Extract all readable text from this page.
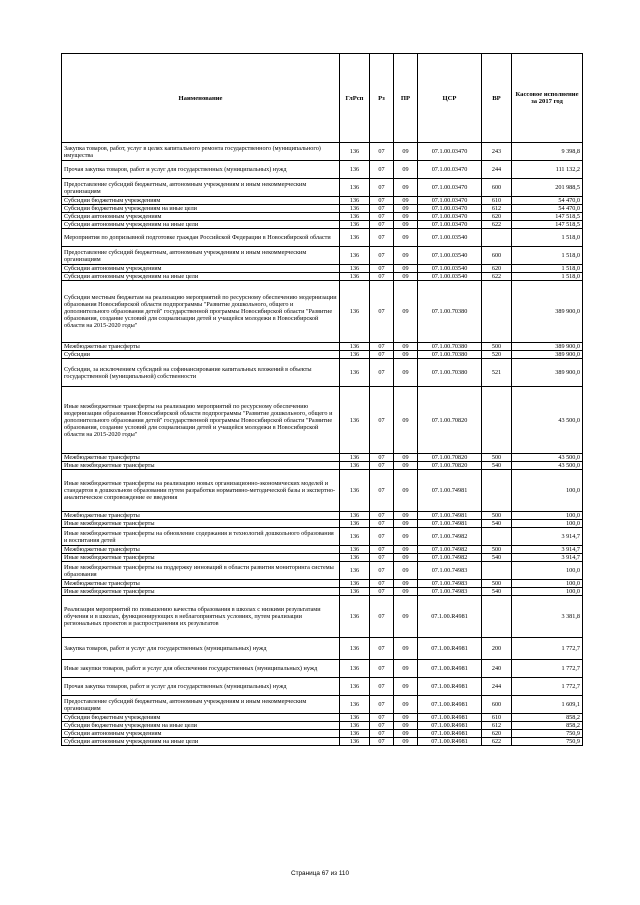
Наименование	ГлРсп	Рз	ПР	ЦСР	ВР	Кассовое исполнение за 2017 год
Закупка товаров, работ, услуг в целях капитального ремонта государственного (муниципального) имущества	136	07	09	07.1.00.03470	243	9 398,8
Прочая закупка товаров, работ и услуг для государственных (муниципальных) нужд	136	07	09	07.1.00.03470	244	111 132,2
Предоставление субсидий бюджетным, автономным учреждениям и иным некоммерческим организациям	136	07	09	07.1.00.03470	600	201 988,5
Субсидии бюджетным учреждениям	136	07	09	07.1.00.03470	610	54 470,0
Субсидии бюджетным учреждениям на иные цели	136	07	09	07.1.00.03470	612	54 470,0
Субсидии автономным учреждениям	136	07	09	07.1.00.03470	620	147 518,5
Субсидии автономным учреждениям на иные цели	136	07	09	07.1.00.03470	622	147 518,5
Мероприятия по допризывной подготовке граждан Российской Федерации в Новосибирской области	136	07	09	07.1.00.03540		1 518,0
Предоставление субсидий бюджетным, автономным учреждениям и иным некоммерческим организациям	136	07	09	07.1.00.03540	600	1 518,0
Субсидии автономным учреждениям	136	07	09	07.1.00.03540	620	1 518,0
Субсидии автономным учреждениям на иные цели	136	07	09	07.1.00.03540	622	1 518,0
Субсидии местным бюджетам на реализацию мероприятий по ресурсному обеспечению модернизации образования Новосибирской области подпрограммы "Развитие дошкольного, общего и дополнительного образования детей" государственной программы Новосибирской области "Развитие образования, создание условий для социализации детей и учащейся молодежи в Новосибирской области на 2015-2020 годы"	136	07	09	07.1.00.70380		389 900,0
Межбюджетные трансферты	136	07	09	07.1.00.70380	500	389 900,0
Субсидии	136	07	09	07.1.00.70380	520	389 900,0
Субсидии, за исключением субсидий на софинансирование капитальных вложений в объекты государственной (муниципальной) собственности	136	07	09	07.1.00.70380	521	389 900,0
Иные межбюджетные трансферты на реализацию мероприятий по ресурсному обеспечению модернизации образования Новосибирской области подпрограммы "Развитие дошкольного, общего и дополнительного образования детей" государственной программы Новосибирской области "Развитие образования, создание условий для социализации детей и учащейся молодежи в Новосибирской области на 2015-2020 годы"	136	07	09	07.1.00.70820		43 500,0
Межбюджетные трансферты	136	07	09	07.1.00.70820	500	43 500,0
Иные межбюджетные трансферты	136	07	09	07.1.00.70820	540	43 500,0
Иные межбюджетные трансферты на реализацию новых организационно-экономических моделей и стандартов в дошкольном образовании путем разработки нормативно-методической базы и экспертно-аналитическое сопровождение ее введения	136	07	09	07.1.00.74981		100,0
Межбюджетные трансферты	136	07	09	07.1.00.74981	500	100,0
Иные межбюджетные трансферты	136	07	09	07.1.00.74981	540	100,0
Иные межбюджетные трансферты на обновление содержания и технологий дошкольного образования и воспитания детей	136	07	09	07.1.00.74982		3 914,7
Межбюджетные трансферты	136	07	09	07.1.00.74982	500	3 914,7
Иные межбюджетные трансферты	136	07	09	07.1.00.74982	540	3 914,7
Иные межбюджетные трансферты на поддержку инноваций в области развития мониторинга системы образования	136	07	09	07.1.00.74983		100,0
Межбюджетные трансферты	136	07	09	07.1.00.74983	500	100,0
Иные межбюджетные трансферты	136	07	09	07.1.00.74983	540	100,0
Реализация мероприятий по повышению качества образования в школах с низкими результатами обучения и в школах, функционирующих в неблагоприятных условиях, путем реализации региональных проектов и распространения их результатов	136	07	09	07.1.00.R4981		3 381,8
Закупка товаров, работ и услуг для государственных (муниципальных) нужд	136	07	09	07.1.00.R4981	200	1 772,7
Иные закупки товаров, работ и услуг для обеспечения государственных (муниципальных) нужд	136	07	09	07.1.00.R4981	240	1 772,7
Прочая закупка товаров, работ и услуг для государственных (муниципальных) нужд	136	07	09	07.1.00.R4981	244	1 772,7
Предоставление субсидий бюджетным, автономным учреждениям и иным некоммерческим организациям	136	07	09	07.1.00.R4981	600	1 609,1
Субсидии бюджетным учреждениям	136	07	09	07.1.00.R4981	610	858,2
Субсидии бюджетным учреждениям на иные цели	136	07	09	07.1.00.R4981	612	858,2
Субсидии автономным учреждениям	136	07	09	07.1.00.R4981	620	750,9
Субсидии автономным учреждениям на иные цели	136	07	09	07.1.00.R4981	622	750,9
Страница 67 из 110
